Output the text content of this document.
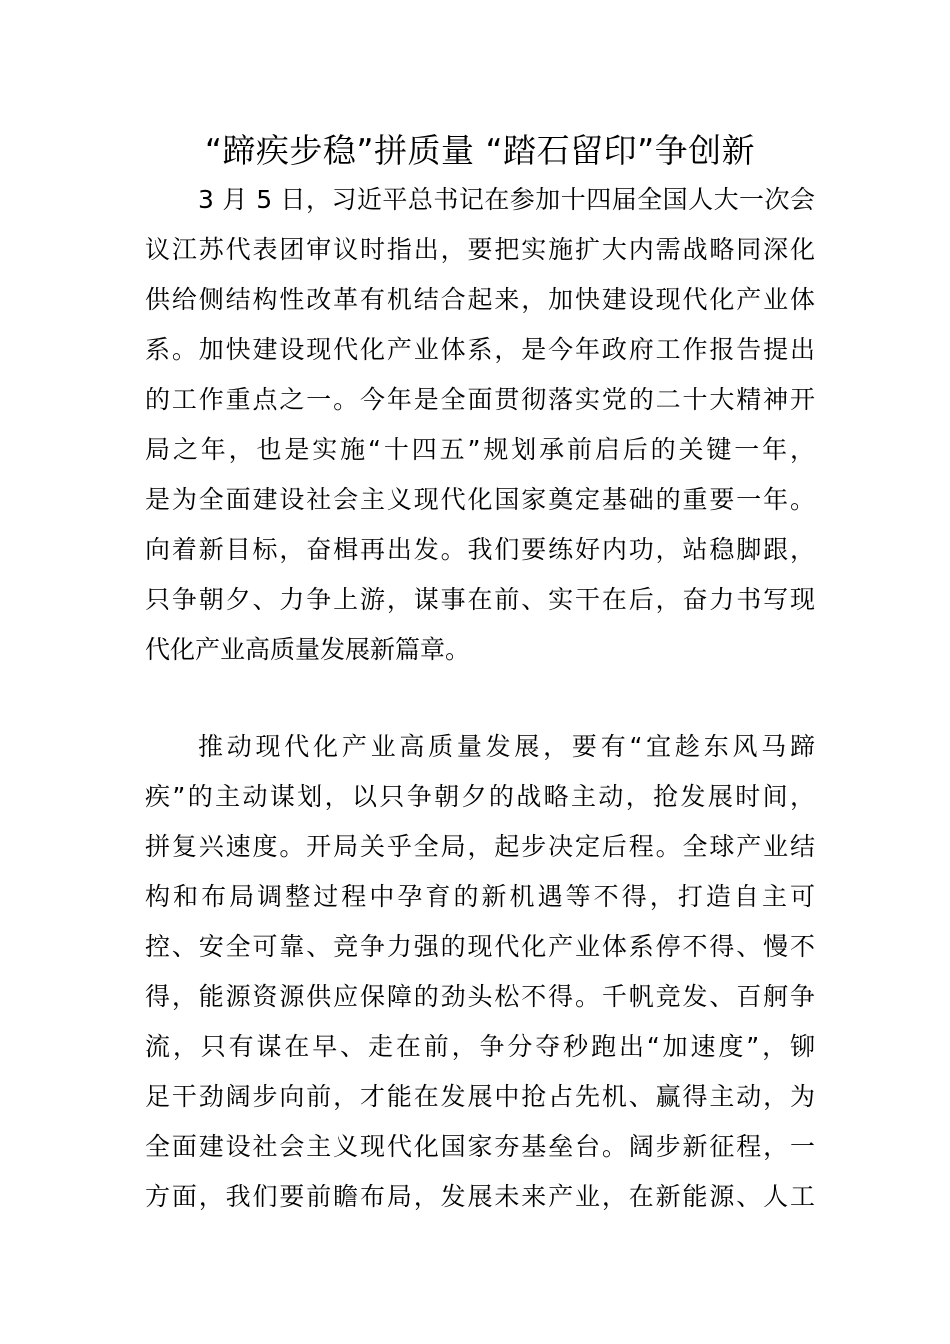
“蹄疾步稳”拼质量 “踏石留印”争创新

3 月 5 日，习近平总书记在参加十四届全国人大一次会

议江苏代表团审议时指出，要把实施扩大内需战略同深化

供给侧结构性改革有机结合起来，加快建设现代化产业体

系。加快建设现代化产业体系，是今年政府工作报告提出

的工作重点之一。今年是全面贯彻落实党的二十大精神开

局之年，也是实施“十四五”规划承前启后的关键一年，

是为全面建设社会主义现代化国家奠定基础的重要一年。

向着新目标，奋楫再出发。我们要练好内功，站稳脚跟，

只争朝夕、力争上游，谋事在前、实干在后，奋力书写现

代化产业高质量发展新篇章。

推动现代化产业高质量发展，要有“宜趁东风马蹄

疾”的主动谋划，以只争朝夕的战略主动，抢发展时间，

拼复兴速度。开局关乎全局，起步决定后程。全球产业结

构和布局调整过程中孕育的新机遇等不得，打造自主可

控、安全可靠、竞争力强的现代化产业体系停不得、慢不

得，能源资源供应保障的劲头松不得。千帆竞发、百舸争

流，只有谋在早、走在前，争分夺秒跑出“加速度”，铆

足干劲阔步向前，才能在发展中抢占先机、赢得主动，为

全面建设社会主义现代化国家夯基垒台。阔步新征程，一

方面，我们要前瞻布局，发展未来产业，在新能源、人工
